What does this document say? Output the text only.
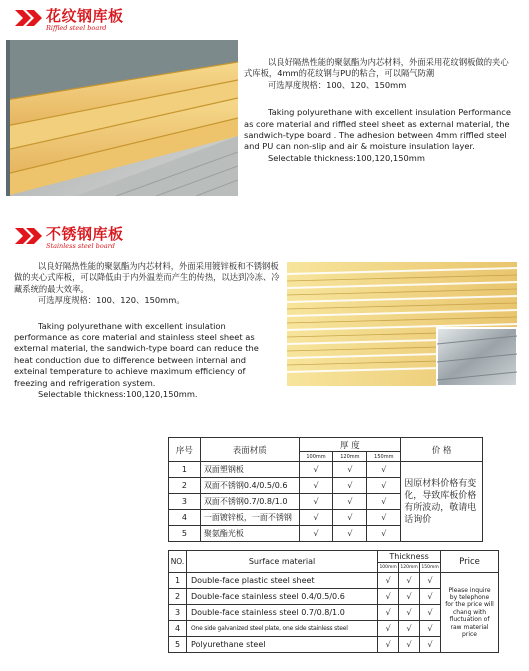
花纹钢库板
Riffled steel board

以良好隔热性能的聚氨酯为内芯材料，外面采用花纹钢板做的夹心式库板，4mm的花纹钢与PU的粘合，可以隔气防潮

可选厚度规格：100、120、150mm

Taking polyurethane with excellent insulation Performance as core material and riffled steel sheet as external material, the sandwich-type board . The adhesion between 4mm riffled steel and PU can non-slip and air & moisture insulation layer.

Selectable thickness:100,120,150mm

不锈钢库板
Stainless steel board

以良好隔热性能的聚氨酯为内芯材料，外面采用镀锌板和不锈钢板做的夹心式库板，可以降低由于内外温差而产生的传热，以达到冷冻、冷藏系统的最大效率。

可选厚度规格：100、120、150mm。

Taking polyurethane with excellent insulation performance as core material and stainless steel sheet as external material, the sandwich-type board can reduce the heat conduction due to difference between internal and exteinal temperature to achieve maximum efficiency of freezing and refrigeration system.

Selectable thickness:100,120,150mm.

序号	表面材质	厚 度			价 格
		100mm	120mm	150mm	
1	双面塑钢板	√	√	√	因原材料价格有变化，导致库板价格有所波动，敬请电话询价
2	双面不锈钢0.4/0.5/0.6	√	√	√	
3	双面不锈钢0.7/0.8/1.0	√	√	√	
4	一面镀锌板，一面不锈钢	√	√	√	
5	聚氨酯光板	√	√	√	
NO.	Surface material	Thickness			Price
		100mm	120mm	150mm	
1	Double-face plastic steel sheet	√	√	√	Please inquire by telephone for the price will chang with fluctuation of raw material price
2	Double-face stainless steel 0.4/0.5/0.6	√	√	√	
3	Double-face stainless steel 0.7/0.8/1.0	√	√	√	
4	One side galvanized steel plate, one side stainless steel	√	√	√	
5	Polyurethane steel	√	√	√	
